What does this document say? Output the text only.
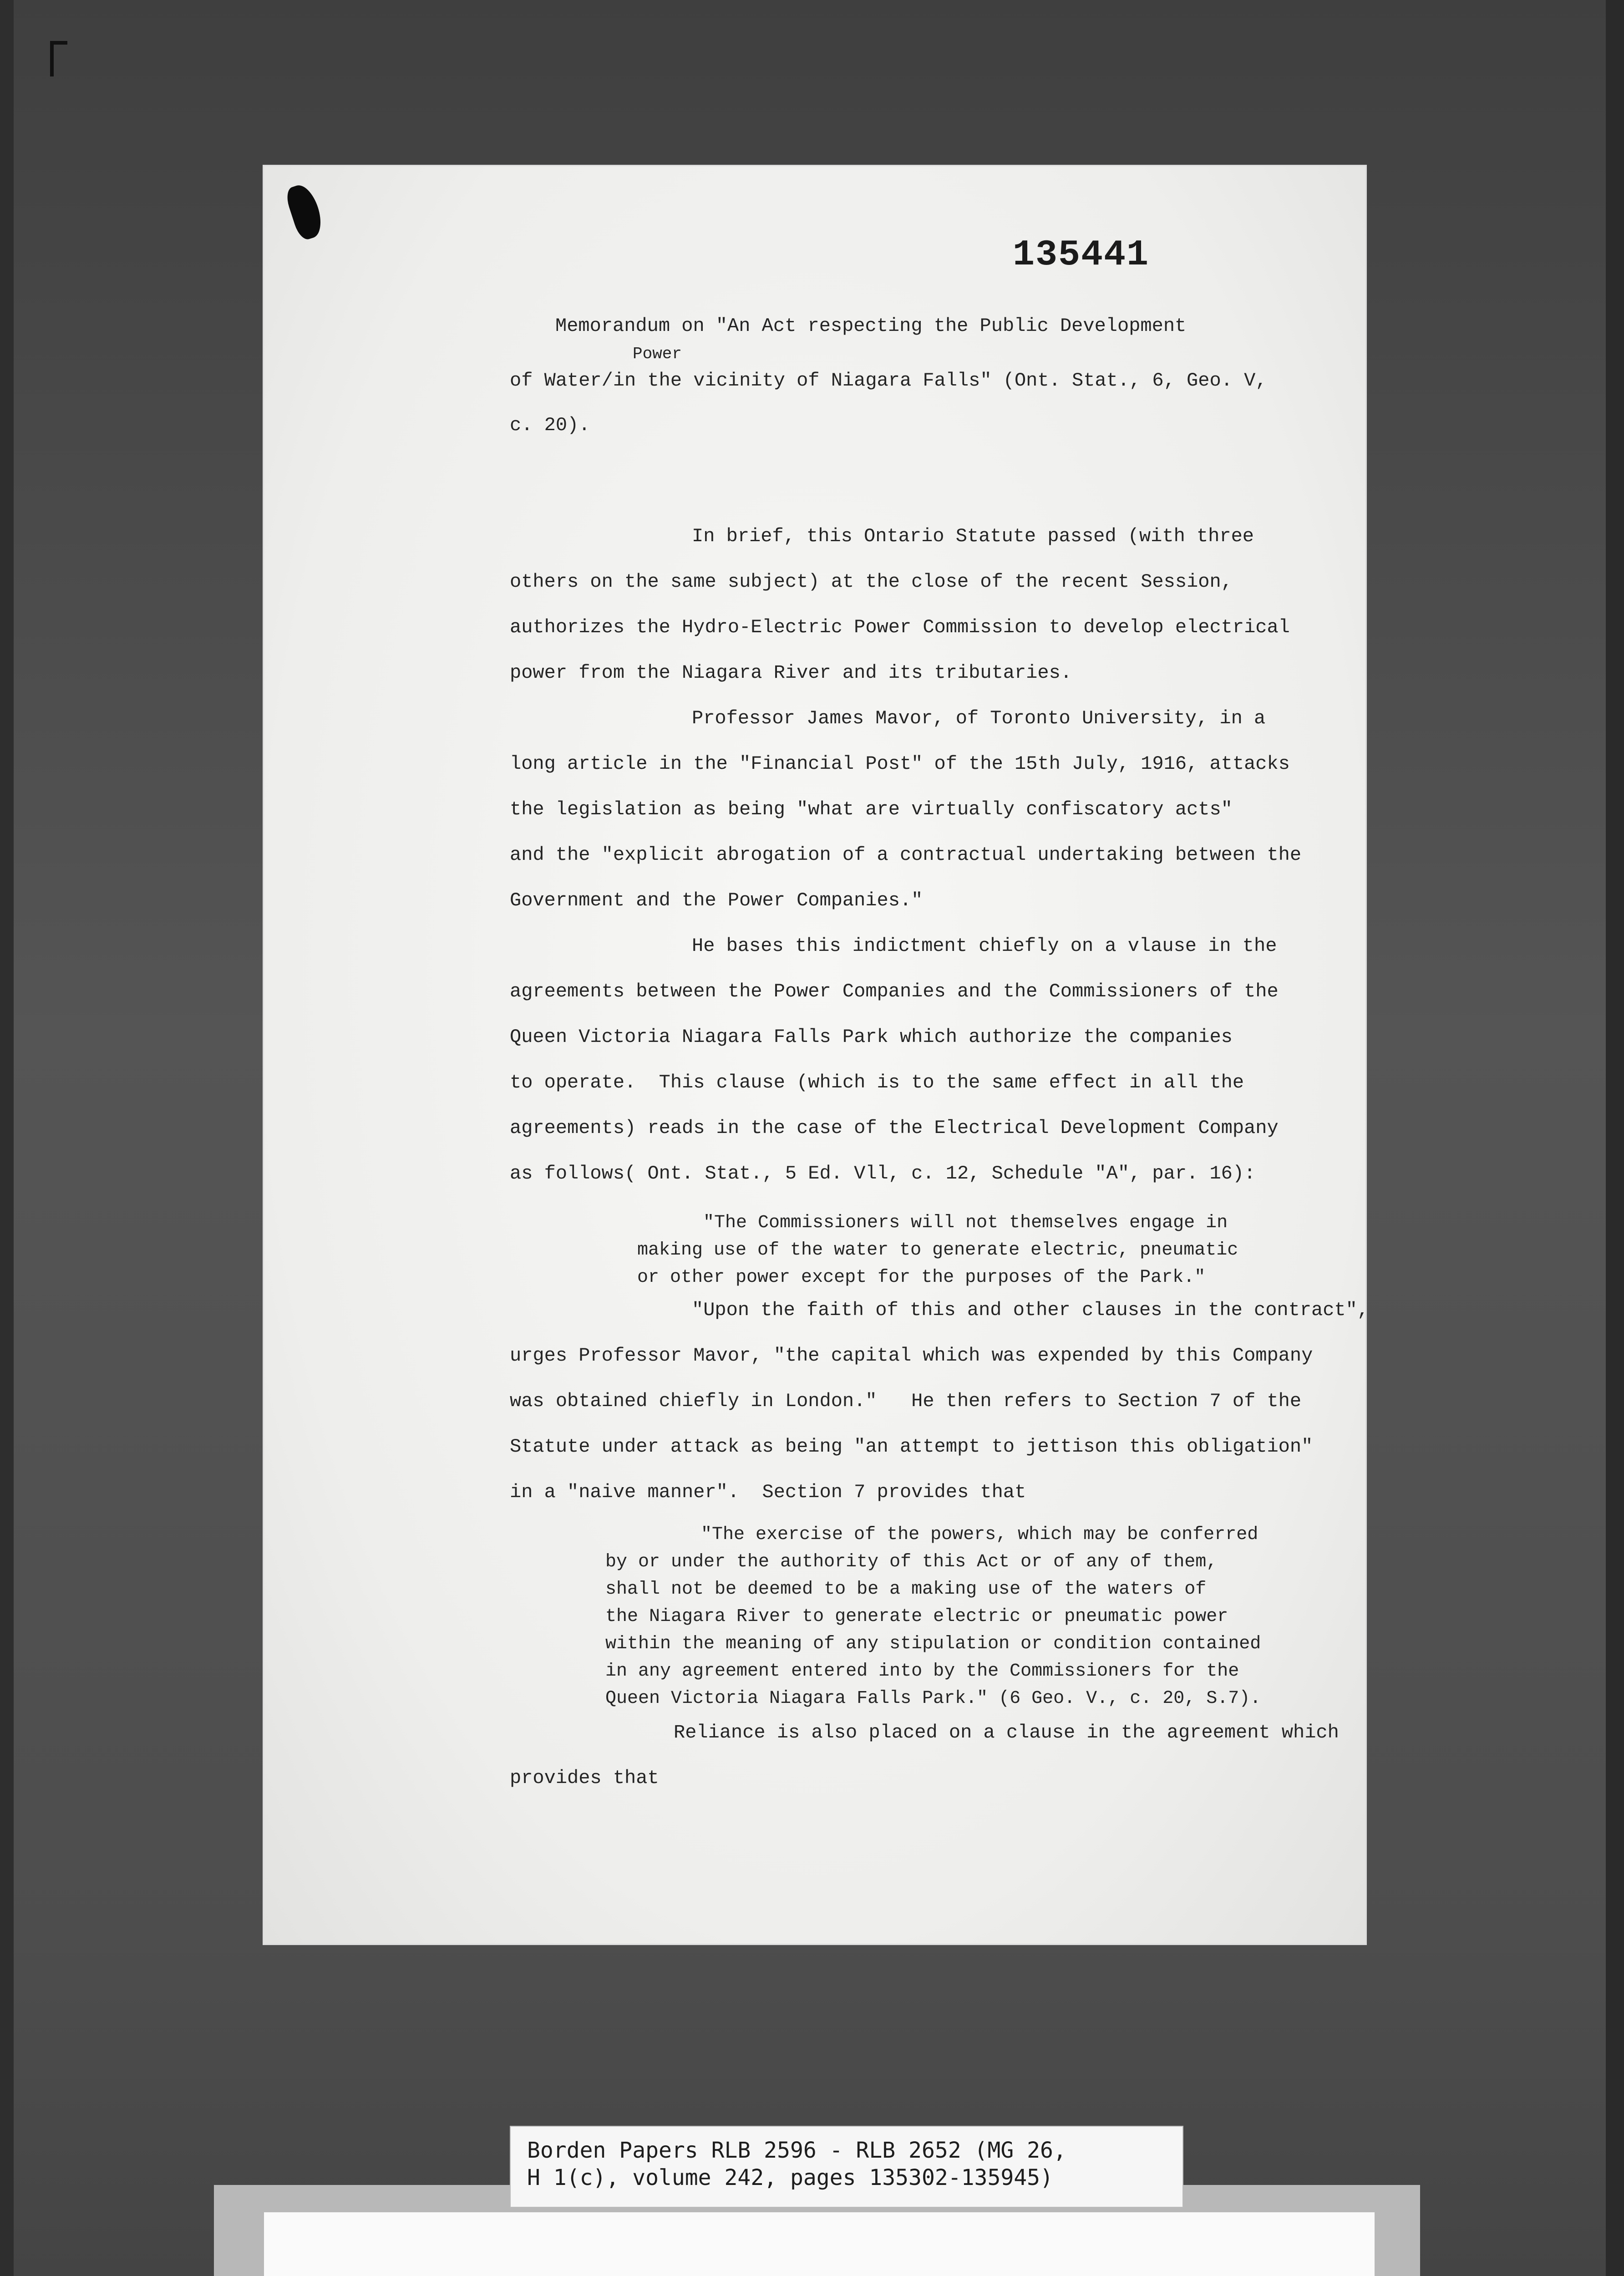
135441
Memorandum on "An Act respecting the Public Development
Power
of Water/in the vicinity of Niagara Falls" (Ont. Stat., 6, Geo. V,
c. 20).
In brief, this Ontario Statute passed (with three
others on the same subject) at the close of the recent Session,
authorizes the Hydro-Electric Power Commission to develop electrical
power from the Niagara River and its tributaries.
Professor James Mavor, of Toronto University, in a
long article in the "Financial Post" of the 15th July, 1916, attacks
the legislation as being "what are virtually confiscatory acts"
and the "explicit abrogation of a contractual undertaking between the
Government and the Power Companies."
He bases this indictment chiefly on a vlause in the
agreements between the Power Companies and the Commissioners of the
Queen Victoria Niagara Falls Park which authorize the companies
to operate.  This clause (which is to the same effect in all the
agreements) reads in the case of the Electrical Development Company
as follows( Ont. Stat., 5 Ed. Vll, c. 12, Schedule "A", par. 16):
"The Commissioners will not themselves engage in
making use of the water to generate electric, pneumatic
or other power except for the purposes of the Park."
"Upon the faith of this and other clauses in the contract",
urges Professor Mavor, "the capital which was expended by this Company
was obtained chiefly in London."   He then refers to Section 7 of the
Statute under attack as being "an attempt to jettison this obligation"
in a "naive manner".  Section 7 provides that
"The exercise of the powers, which may be conferred
by or under the authority of this Act or of any of them,
shall not be deemed to be a making use of the waters of
the Niagara River to generate electric or pneumatic power
within the meaning of any stipulation or condition contained
in any agreement entered into by the Commissioners for the
Queen Victoria Niagara Falls Park." (6 Geo. V., c. 20, S.7).
Reliance is also placed on a clause in the agreement which
provides that
Borden Papers RLB 2596 - RLB 2652 (MG 26,
H 1(c), volume 242, pages 135302-135945)
